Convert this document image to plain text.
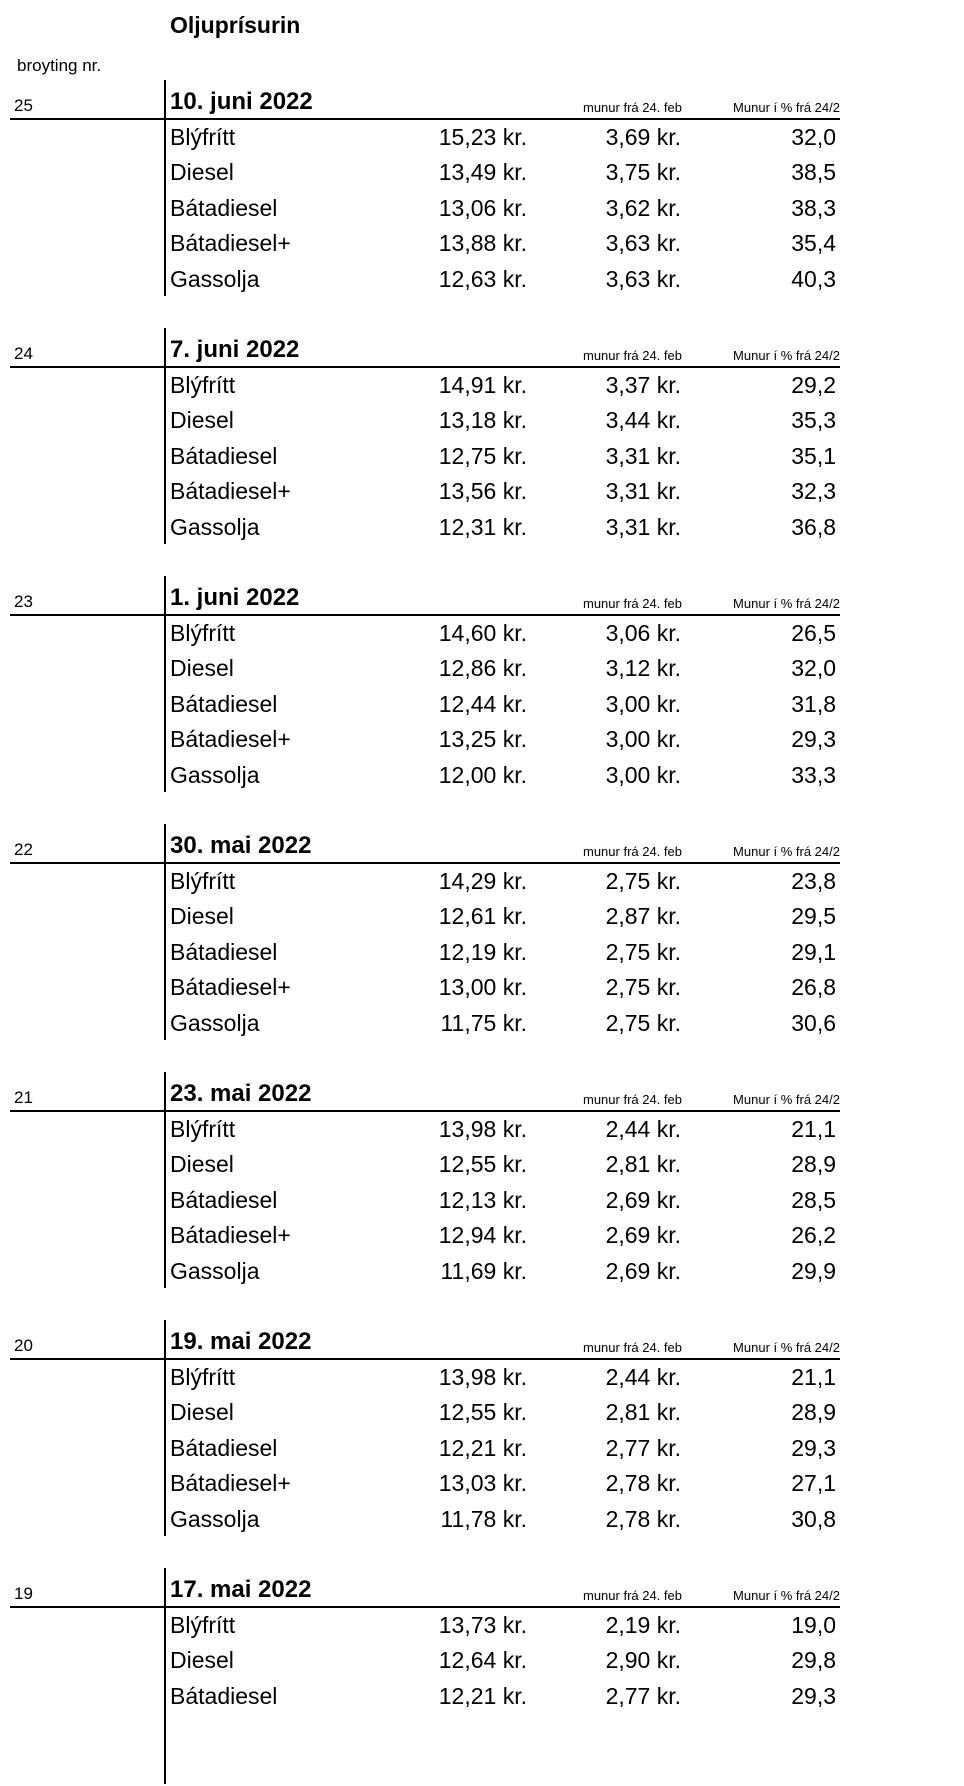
Oljuprísurin
broyting nr.
25	10. juni 2022	munur frá 24. feb	Munur í % frá 24/2
Blýfrítt	15,23 kr.	3,69 kr.	32,0
Diesel	13,49 kr.	3,75 kr.	38,5
Bátadiesel	13,06 kr.	3,62 kr.	38,3
Bátadiesel+	13,88 kr.	3,63 kr.	35,4
Gassolja	12,63 kr.	3,63 kr.	40,3
24	7. juni 2022	munur frá 24. feb	Munur í % frá 24/2
Blýfrítt	14,91 kr.	3,37 kr.	29,2
Diesel	13,18 kr.	3,44 kr.	35,3
Bátadiesel	12,75 kr.	3,31 kr.	35,1
Bátadiesel+	13,56 kr.	3,31 kr.	32,3
Gassolja	12,31 kr.	3,31 kr.	36,8
23	1. juni 2022	munur frá 24. feb	Munur í % frá 24/2
Blýfrítt	14,60 kr.	3,06 kr.	26,5
Diesel	12,86 kr.	3,12 kr.	32,0
Bátadiesel	12,44 kr.	3,00 kr.	31,8
Bátadiesel+	13,25 kr.	3,00 kr.	29,3
Gassolja	12,00 kr.	3,00 kr.	33,3
22	30. mai 2022	munur frá 24. feb	Munur í % frá 24/2
Blýfrítt	14,29 kr.	2,75 kr.	23,8
Diesel	12,61 kr.	2,87 kr.	29,5
Bátadiesel	12,19 kr.	2,75 kr.	29,1
Bátadiesel+	13,00 kr.	2,75 kr.	26,8
Gassolja	11,75 kr.	2,75 kr.	30,6
21	23. mai 2022	munur frá 24. feb	Munur í % frá 24/2
Blýfrítt	13,98 kr.	2,44 kr.	21,1
Diesel	12,55 kr.	2,81 kr.	28,9
Bátadiesel	12,13 kr.	2,69 kr.	28,5
Bátadiesel+	12,94 kr.	2,69 kr.	26,2
Gassolja	11,69 kr.	2,69 kr.	29,9
20	19. mai 2022	munur frá 24. feb	Munur í % frá 24/2
Blýfrítt	13,98 kr.	2,44 kr.	21,1
Diesel	12,55 kr.	2,81 kr.	28,9
Bátadiesel	12,21 kr.	2,77 kr.	29,3
Bátadiesel+	13,03 kr.	2,78 kr.	27,1
Gassolja	11,78 kr.	2,78 kr.	30,8
19	17. mai 2022	munur frá 24. feb	Munur í % frá 24/2
Blýfrítt	13,73 kr.	2,19 kr.	19,0
Diesel	12,64 kr.	2,90 kr.	29,8
Bátadiesel	12,21 kr.	2,77 kr.	29,3
